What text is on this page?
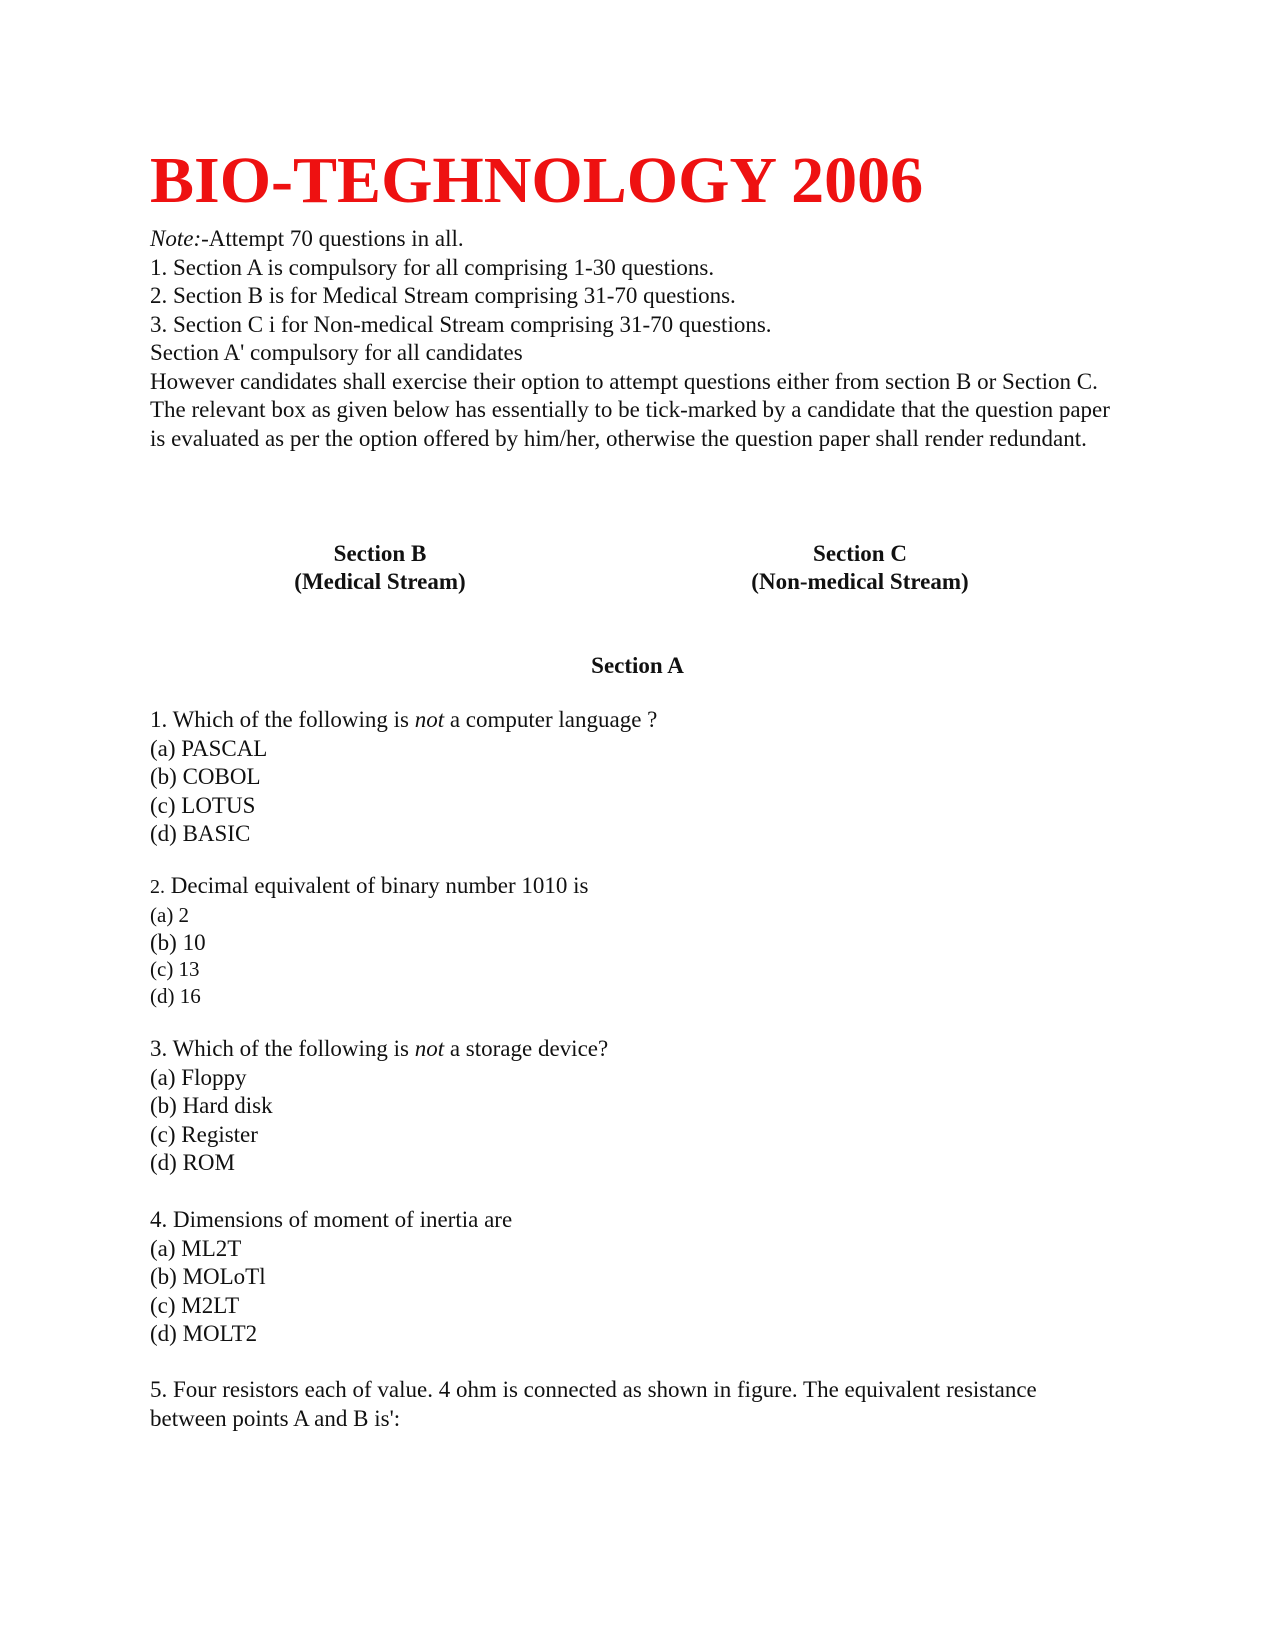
BIO-TEGHNOLOGY 2006

Note:-Attempt 70 questions in all.

1. Section A is compulsory for all comprising 1-30 questions.

2. Section B is for Medical Stream comprising 31-70 questions.

3. Section C i for Non-medical Stream comprising 31-70 questions.

Section A' compulsory for all candidates

However candidates shall exercise their option to attempt questions either from section B or Section C.

The relevant box as given below has essentially to be tick-marked by a candidate that the question paper is evaluated as per the option offered by him/her, otherwise the question paper shall render redundant.

Section B
(Medical Stream)
Section C
(Non-medical Stream)
Section A

1. Which of the following is not a computer language ?

(a) PASCAL

(b) COBOL

(c) LOTUS

(d) BASIC

2. Decimal equivalent of binary number 1010 is

(a) 2

(b) 10

(c) 13

(d) 16

3. Which of the following is not a storage device?

(a) Floppy

(b) Hard disk

(c) Register

(d) ROM

4. Dimensions of moment of inertia are

(a) ML2T

(b) MOLoTl

(c) M2LT

(d) MOLT2

5. Four resistors each of value. 4 ohm is connected as shown in figure. The equivalent resistance between points A and B is':
